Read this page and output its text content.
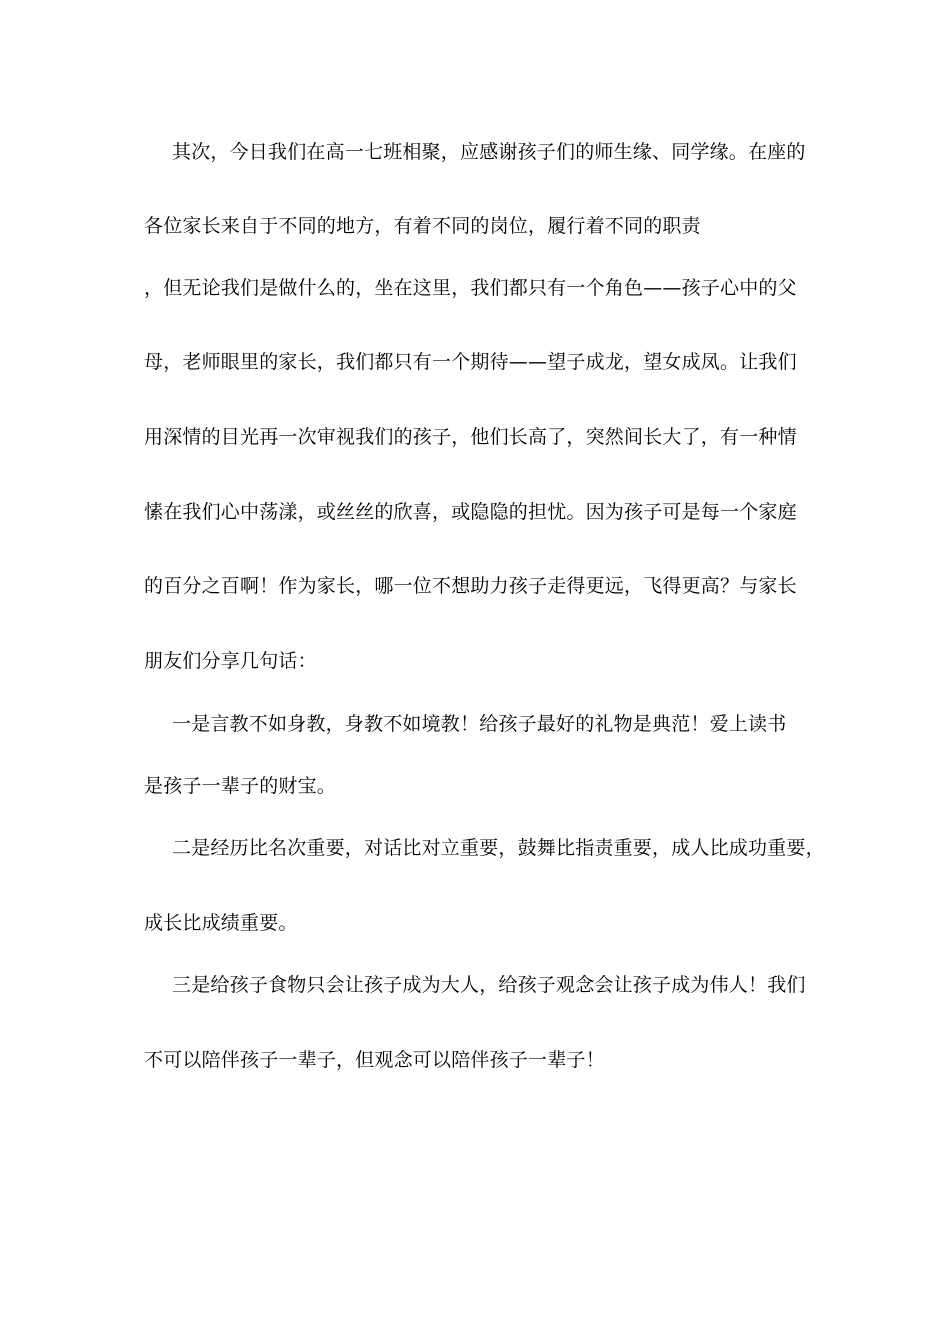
其次，今日我们在高一七班相聚，应感谢孩子们的师生缘、同学缘。在座的
各位家长来自于不同的地方，有着不同的岗位，履行着不同的职责
，但无论我们是做什么的，坐在这里，我们都只有一个角色——孩子心中的父
母，老师眼里的家长，我们都只有一个期待——望子成龙，望女成凤。让我们
用深情的目光再一次审视我们的孩子，他们长高了，突然间长大了，有一种情
愫在我们心中荡漾，或丝丝的欣喜，或隐隐的担忧。因为孩子可是每一个家庭
的百分之百啊！作为家长，哪一位不想助力孩子走得更远，飞得更高？与家长
朋友们分享几句话：
一是言教不如身教，身教不如境教！给孩子最好的礼物是典范！爱上读书
是孩子一辈子的财宝。
二是经历比名次重要，对话比对立重要，鼓舞比指责重要，成人比成功重要，
成长比成绩重要。
三是给孩子食物只会让孩子成为大人，给孩子观念会让孩子成为伟人！我们
不可以陪伴孩子一辈子，但观念可以陪伴孩子一辈子！
